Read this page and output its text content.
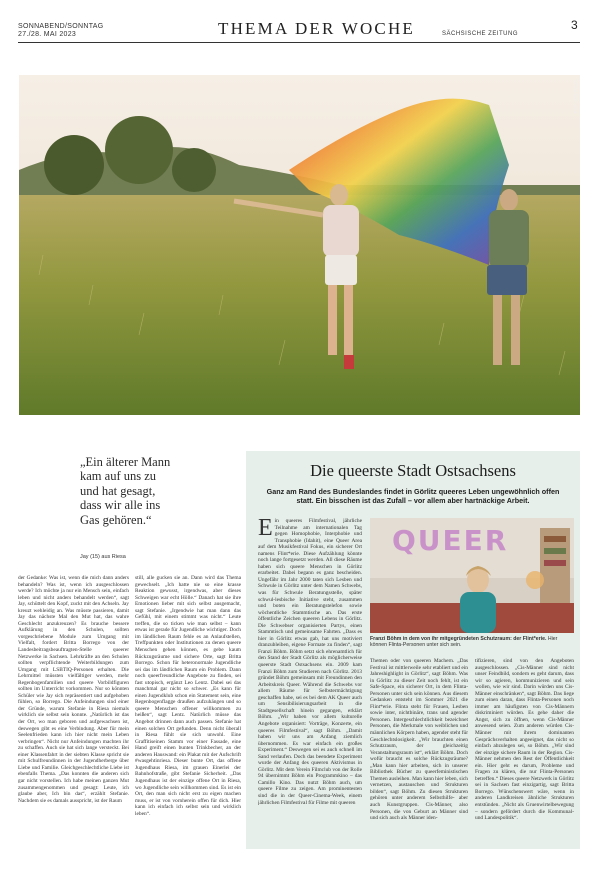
SONNABEND/SONNTAG
27./28. MAI 2023	THEMA DER WOCHE	SÄCHSISCHE ZEITUNG
3
Foto: Getty Images
„Ein älterer Mann kam auf uns zu und hat gesagt, dass wir alle ins Gas gehören.“
Jay (15) aus Riesa

der Gedanke: Was ist, wenn die mich dann anders behandeln? Was ist, wenn ich ausgeschlossen werde? Ich möchte ja nur ein Mensch sein, einfach leben und nicht anders behandelt werden“, sagt Jay, schüttelt den Kopf, zuckt mit den Achseln. Jay kreuzt wehleidig an. Was müsste passieren, damit Jay das nächste Mal den Mut hat, das wahre Geschlecht anzukreuzen? Es brauche bessere Aufklärung in den Schulen, sollten vorgeschriebene Module zum Umgang mit Vielfalt, fordert Britta Borrego von der Landesbeitragsbeauftragten-Stelle queerer Netzwerke in Sachsen. Lehrkräfte an den Schulen sollten verpflichtende Weiterbildungen zum Umgang mit LSBTIQ-Personen erhalten. Die Lehrmittel müssten vielfältiger werden, mehr Regenbogenfamilien und queere Vorbildfiguren sollten im Unterricht vorkommen. Nur so könnten Schüler wie Jay sich repräsentiert und aufgehoben fühlen, so Borrego. Die Anfeindungen sind einer der Gründe, warum Stefanie in Riesa niemals wirklich sie selbst sein konnte. „Natürlich ist das der Ort, wo man geboren und aufgewachsen ist, deswegen gibt es eine Verbindung. Aber für mein Seelenfrieden kann ich hier nicht mein Leben verbringen“. Nicht nur Anfeindungen machten ihr zu schaffen. Auch sie hat sich lange versteckt. Bei einer Klassenfahrt in der siebten Klasse spricht sie mit Schulfreundinnen in der Jugendherberge über Liebe und Familie. Gleichgeschlechtliche Liebe ist ebenfalls Thema. „Das konnten die anderen sich gar nicht vorstellen. Ich habe meinen ganzen Mut zusammengenommen und gesagt: Leute, ich glaube aber, Ich bin das“, erzählt Stefanie. Nachdem sie es damals ausspricht, ist der Raum

still, alle gucken sie an. Dann wird das Thema gewechselt. „Ich hatte nie so eine krasse Reaktion gewusst, irgendwas, aber dieses Schweigen war echt Hölle.“ Danach hat sie ihre Emotionen lieber mit sich selbst ausgemacht, sagt Stefanie. „Irgendwie hat man dann das Gefühl, mit einem stimmt was nicht.“ Leute treffen, die so ticken wie man selbst – kann etwas ist gerade für Jugendliche wichtiger. Doch im ländlichen Raum fehle es an Anlaufstellen, Treffpunkten oder Institutionen zu denen queere Menschen gehen können, es gebe kaum Rückzugsräume und sichere Orte, sagt Britta Borrego. Schon für heteronormale Jugendliche sei das im ländlichen Raum ein Problem. Dann noch queerfreundliche Angebote zu finden, sei fast utopisch, ergänzt Leo Lentz. Dabei sei das manchmal gar nicht so schwer. „Es kann für einen Jugendklub schon ein Statement sein, eine Regenbogenflagge draußen aufzuhängen und so queere Menschen offener willkommen zu heißen“, sagt Lentz. Natürlich müsse das Angebot drinnen dann auch passen. Stefanie hat einen solchen Ort gefunden. Denn nicht überall in Riesa fühlt sie sich unwohl. Eine Graffitiseinen Stamm vor einer Fassade, eine Hand greift einen bunten Trinkbecher, an der anderen Hauswand: ein Plakat mit der Aufschrift #wasgehtinriesa. Dieser bunte Ort, das offene Jugendhaus Riesa, im grauen Einerlei der Bahnhofstraße, gibt Stefanie Sicherheit. „Das Jugendhaus ist der einzige offene Ort in Riesa, wo Jugendliche sein willkommen sind. Es ist ein Ort, den man sich nicht erst zu eigen machen muss, er ist von vornherein offen für dich. Hier kann ich einfach ich selbst sein und wirklich leben“.

Die queerste Stadt Ostsachsens
Ganz am Rand des Bundeslandes findet in Görlitz queeres Leben ungewöhnlich offen statt. Ein bisschen ist das Zufall – vor allem aber hartnäckige Arbeit.
Ein queeres Filmfestival, jährliche Teilnahme am internationalen Tag gegen Homophobie, Interphobie und Transphobie (Idahit), eine Queer Area auf dem Musikfestival Fokus, ein sicherer Ort namens Flint*erie. Diese Aufzählung könnte noch lange fortgesetzt werden. All diese Räume haben sich queere Menschen in Görlitz erarbeitet. Dabei begann es ganz bescheiden. Ungefähr im Jahr 2000 taten sich Lesben und Schwule in Görlitz unter dem Namen Schwebs, was für Schwule Beratungsstelle, später schwul-lesbische Initiative steht, zusammen und boten ein Beratungstelefon sowie wöchentliche Stammtische an. Das erste öffentliche Zeichen queeren Lebens in Görlitz. Die Schwebser organisierten Partys, einen Stammtisch und gemeinsame Fahrten. „Dass es hier in Görlitz etwas gab, hat uns motiviert dranzubleiben, eigene Formate zu finden“, sagt Franzi Böhm. Böhm setzt sich ehrenamtlich für den Stand der Stadt Görlitz als möglicherweise queerste Stadt Ostsachsens ein. 2009 kam Franzi Böhm zum Studieren nach Görlitz. 2013 gründet Böhm gemeinsam mit Freundinnen den Arbeitskreis Queer. Während die Schwebs vor allem Räume für Selbstermächtigung geschaffen habe, sei es bei dem AK Queer auch um Sensibilisierungsarbeit in die Stadtgesellschaft hinein gegangen, erklärt Böhm. „Wir haben vor allem kulturelle Angebote organisiert: Vorträge, Konzerte, ein queeres Filmfestival“, sagt Böhm. „Damit haben wir uns am Anfang ziemlich übernommen. Es war einfach ein großes Experiment.“ Deswegen sei es auch schnell im Sand verlaufen. Doch das beendete Experiment wurde der Anfang des queeren Aktivismus in Görlitz. Mit dem Verein Filmclub von der Rolle 94 übernimmt Böhm ein Programmkino – das Camillo Kino. Das nutzt Böhm auch, um queere Filme zu zeigen. Am prominentesten sind die in der Queer-Cinema-Week, einem jährlichen Filmfestival für Filme mit queeren
QUEER
Franzi Böhm in dem von ihr mitgegründeten Schutzraum: der Flint*erie. Hier können Flinta-Personen unter sich sein.
Themen oder von queeren Machern. „Das Festival ist mittlerweile sehr etabliert und ein Jahreshighlight in Görlitz“, sagt Böhm. Was in Görlitz zu dieser Zeit noch fehlt, ist ein Safe-Space, ein sicherer Ort, in dem Flinta-Personen unter sich sein können. Aus diesem Gedanken entsteht im Sommer 2021 die Flint*erie. Flinta steht für Frauen, Lesben sowie inter, nichtbinäre, trans und agender Personen. Intergeschlechtlichkeit bezeichnet Personen, die Merkmale von weiblichen und männlichen Körpern haben, agender steht für Geschlechtslosigkeit. „Wir brauchten einen Schutzraum, der gleichzeitig Veranstaltungsraum ist“, erklärt Böhm. Doch wofür braucht es solche Rückzugsräume? „Man kann hier arbeiten, sich in unserer Bibliothek Bücher zu queerfeministischen Themen ausleihen. Man kann hier leben, sich vernetzen, austauschen und Strukturen bilden“, sagt Böhm. Zu diesen Strukturen gehören unter anderem Selbsthilfe- aber auch Kunstgruppen. Cis-Männer, also Personen, die von Geburt an Männer sind und sich auch als Männer iden-
tifizieren, sind von den Angeboten ausgeschlossen. „Cis-Männer sind nicht unser Feindbild, sondern es geht darum, dass wir so agieren, kommunizieren und sein wollen, wie wir sind. Darin würden uns Cis-Männer einschränken“, sagt Böhm. Das liege zum einen daran, dass Flinta-Personen noch immer am häufigsten von Cis-Männern diskriminiert würden. Es gehe daher die Angst, sich zu öffnen, wenn Cis-Männer anwesend seien. Zum anderen würden Cis-Männer mit ihrem dominanten Gesprächsverhalten angeeignet, das nicht so einfach abzulegen sei, so Böhm. „Wir sind der einzige sichere Raum in der Region. Cis-Männer nehmen den Rest der Öffentlichkeit ein. Hier geht es darum, Probleme und Fragen zu klären, die nur Flinta-Personen betreffen.“ Dieses queere Netzwerk in Görlitz sei in Sachsen fast einzigartig, sagt Britta Borrego. Wünschenswert wäre, wenn in anderen Landkreisen ähnliche Strukturen entstünden. „Nicht als Gruenwirtelbewegung – sondern gefördert durch die Kommunal- und Landespolitik“.
